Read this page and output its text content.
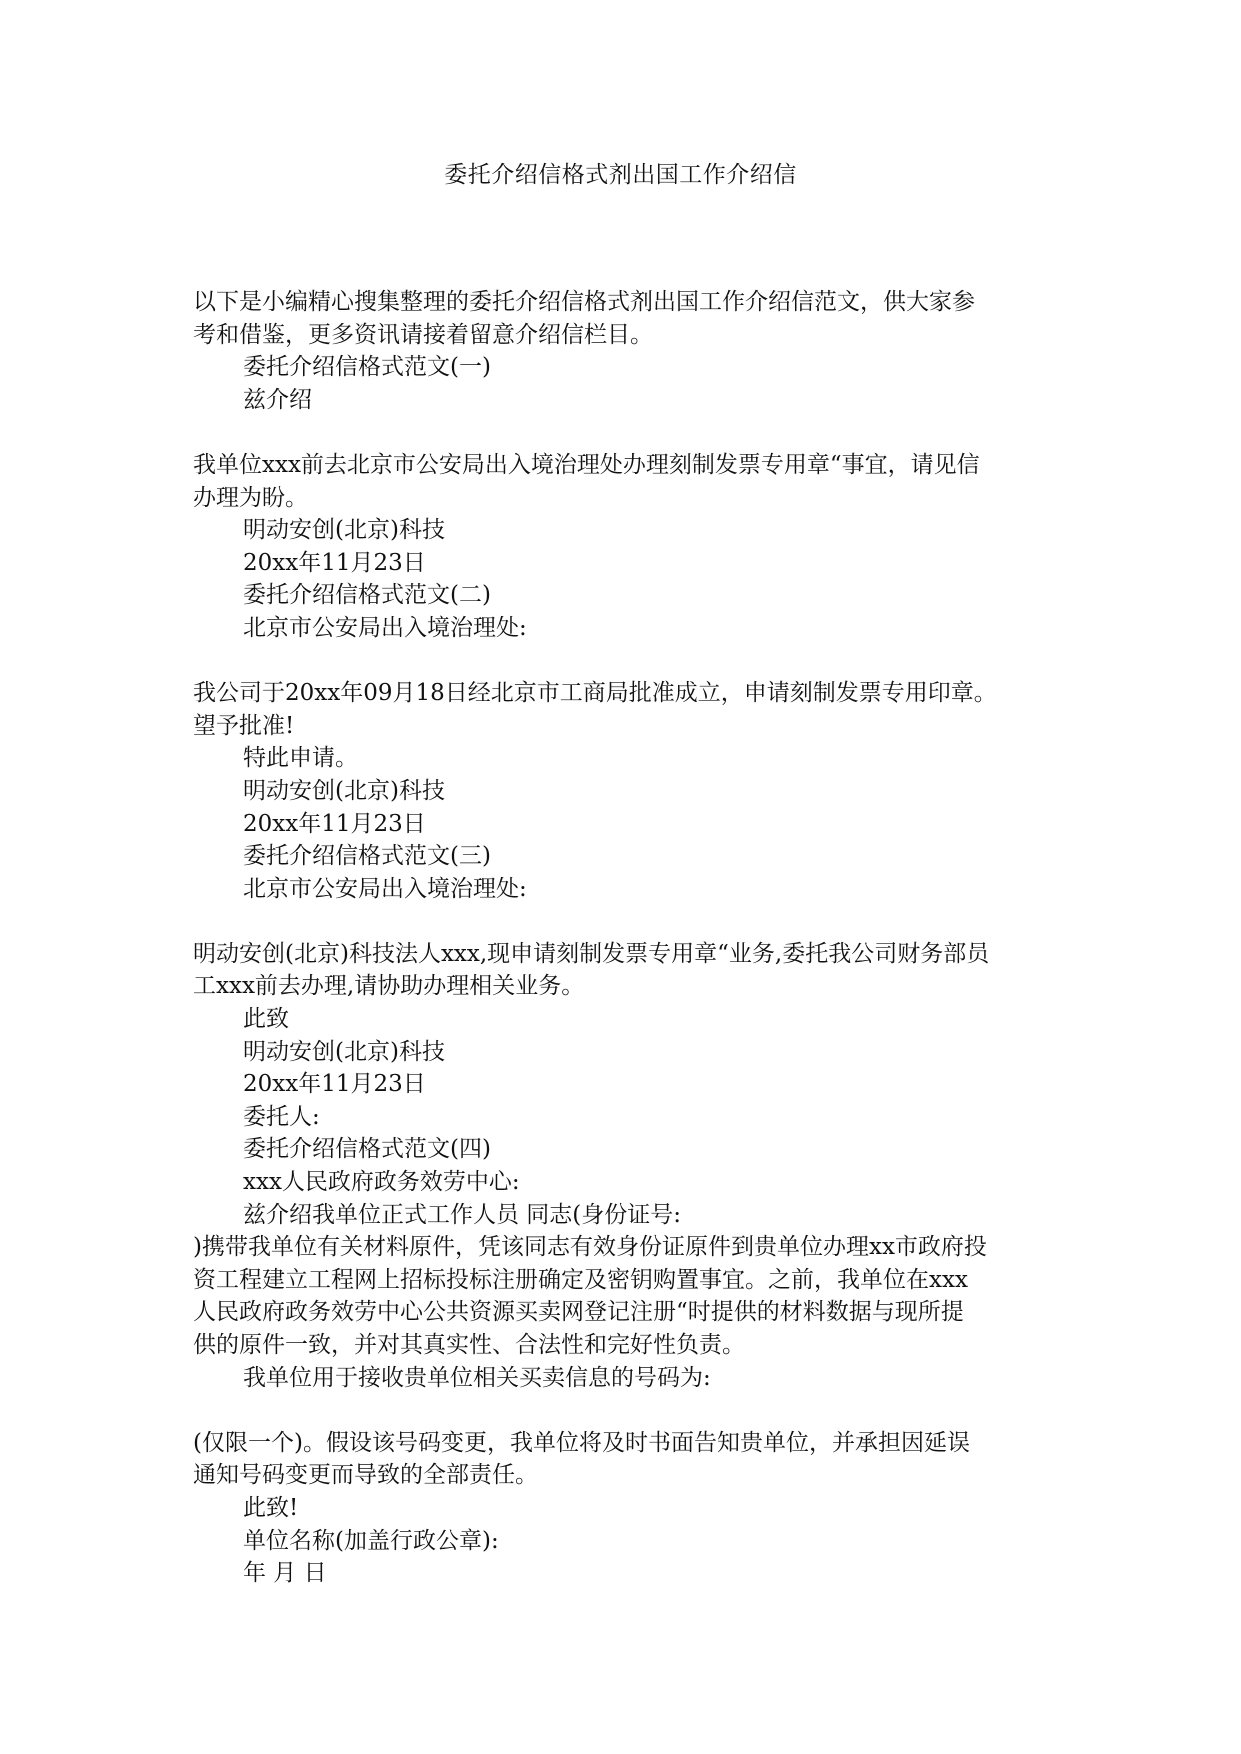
委托介绍信格式剂出国工作介绍信

以下是小编精心搜集整理的委托介绍信格式剂出国工作介绍信范文，供大家参

考和借鉴，更多资讯请接着留意介绍信栏目。

委托介绍信格式范文(一)

兹介绍

我单位xxx前去北京市公安局出入境治理处办理刻制发票专用章“事宜，请见信

办理为盼。

明动安创(北京)科技

20xx年11月23日

委托介绍信格式范文(二)

北京市公安局出入境治理处:

我公司于20xx年09月18日经北京市工商局批准成立，申请刻制发票专用印章。

望予批准!

特此申请。

明动安创(北京)科技

20xx年11月23日

委托介绍信格式范文(三)

北京市公安局出入境治理处:

明动安创(北京)科技法人xxx,现申请刻制发票专用章“业务,委托我公司财务部员

工xxx前去办理,请协助办理相关业务。

此致

明动安创(北京)科技

20xx年11月23日

委托人:

委托介绍信格式范文(四)

xxx人民政府政务效劳中心:

兹介绍我单位正式工作人员 同志(身份证号:

)携带我单位有关材料原件，凭该同志有效身份证原件到贵单位办理xx市政府投

资工程建立工程网上招标投标注册确定及密钥购置事宜。之前，我单位在xxx

人民政府政务效劳中心公共资源买卖网登记注册“时提供的材料数据与现所提

供的原件一致，并对其真实性、合法性和完好性负责。

我单位用于接收贵单位相关买卖信息的号码为:

(仅限一个)。假设该号码变更，我单位将及时书面告知贵单位，并承担因延误

通知号码变更而导致的全部责任。

此致!

单位名称(加盖行政公章):

年 月 日
